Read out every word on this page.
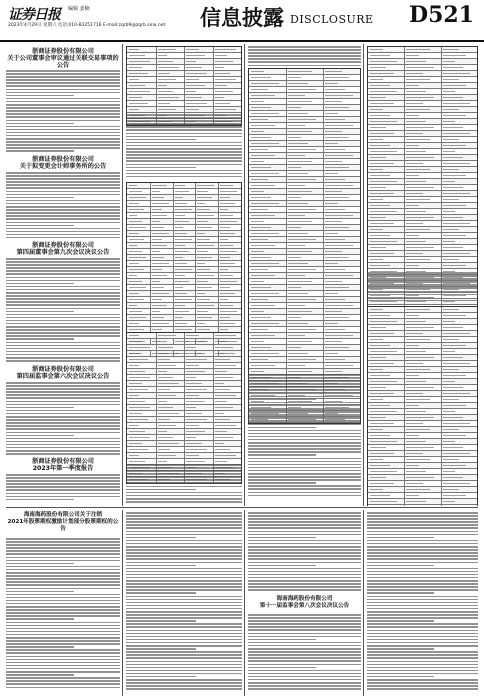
证券日报 编辑 姜楠
2023年4月29日 星期六 电话:010-83251716 E-mail:zqrb9@zqrb.sina.net 信息披露 DISCLOSURE D521
浙商证券股份有限公司
关于公司董事会审议通过关联交易事项的公告
浙商证券股份有限公司
关于拟变更会计师事务所的公告
浙商证券股份有限公司
第四届董事会第九次会议决议公告
浙商证券股份有限公司
第四届监事会第六次会议决议公告
浙商证券股份有限公司
2023年第一季度报告
海南海药股份有限公司关于注销
2021年股票期权激励计划部分股票期权的公告
海南海药股份有限公司
第十一届监事会第八次会议决议公告
